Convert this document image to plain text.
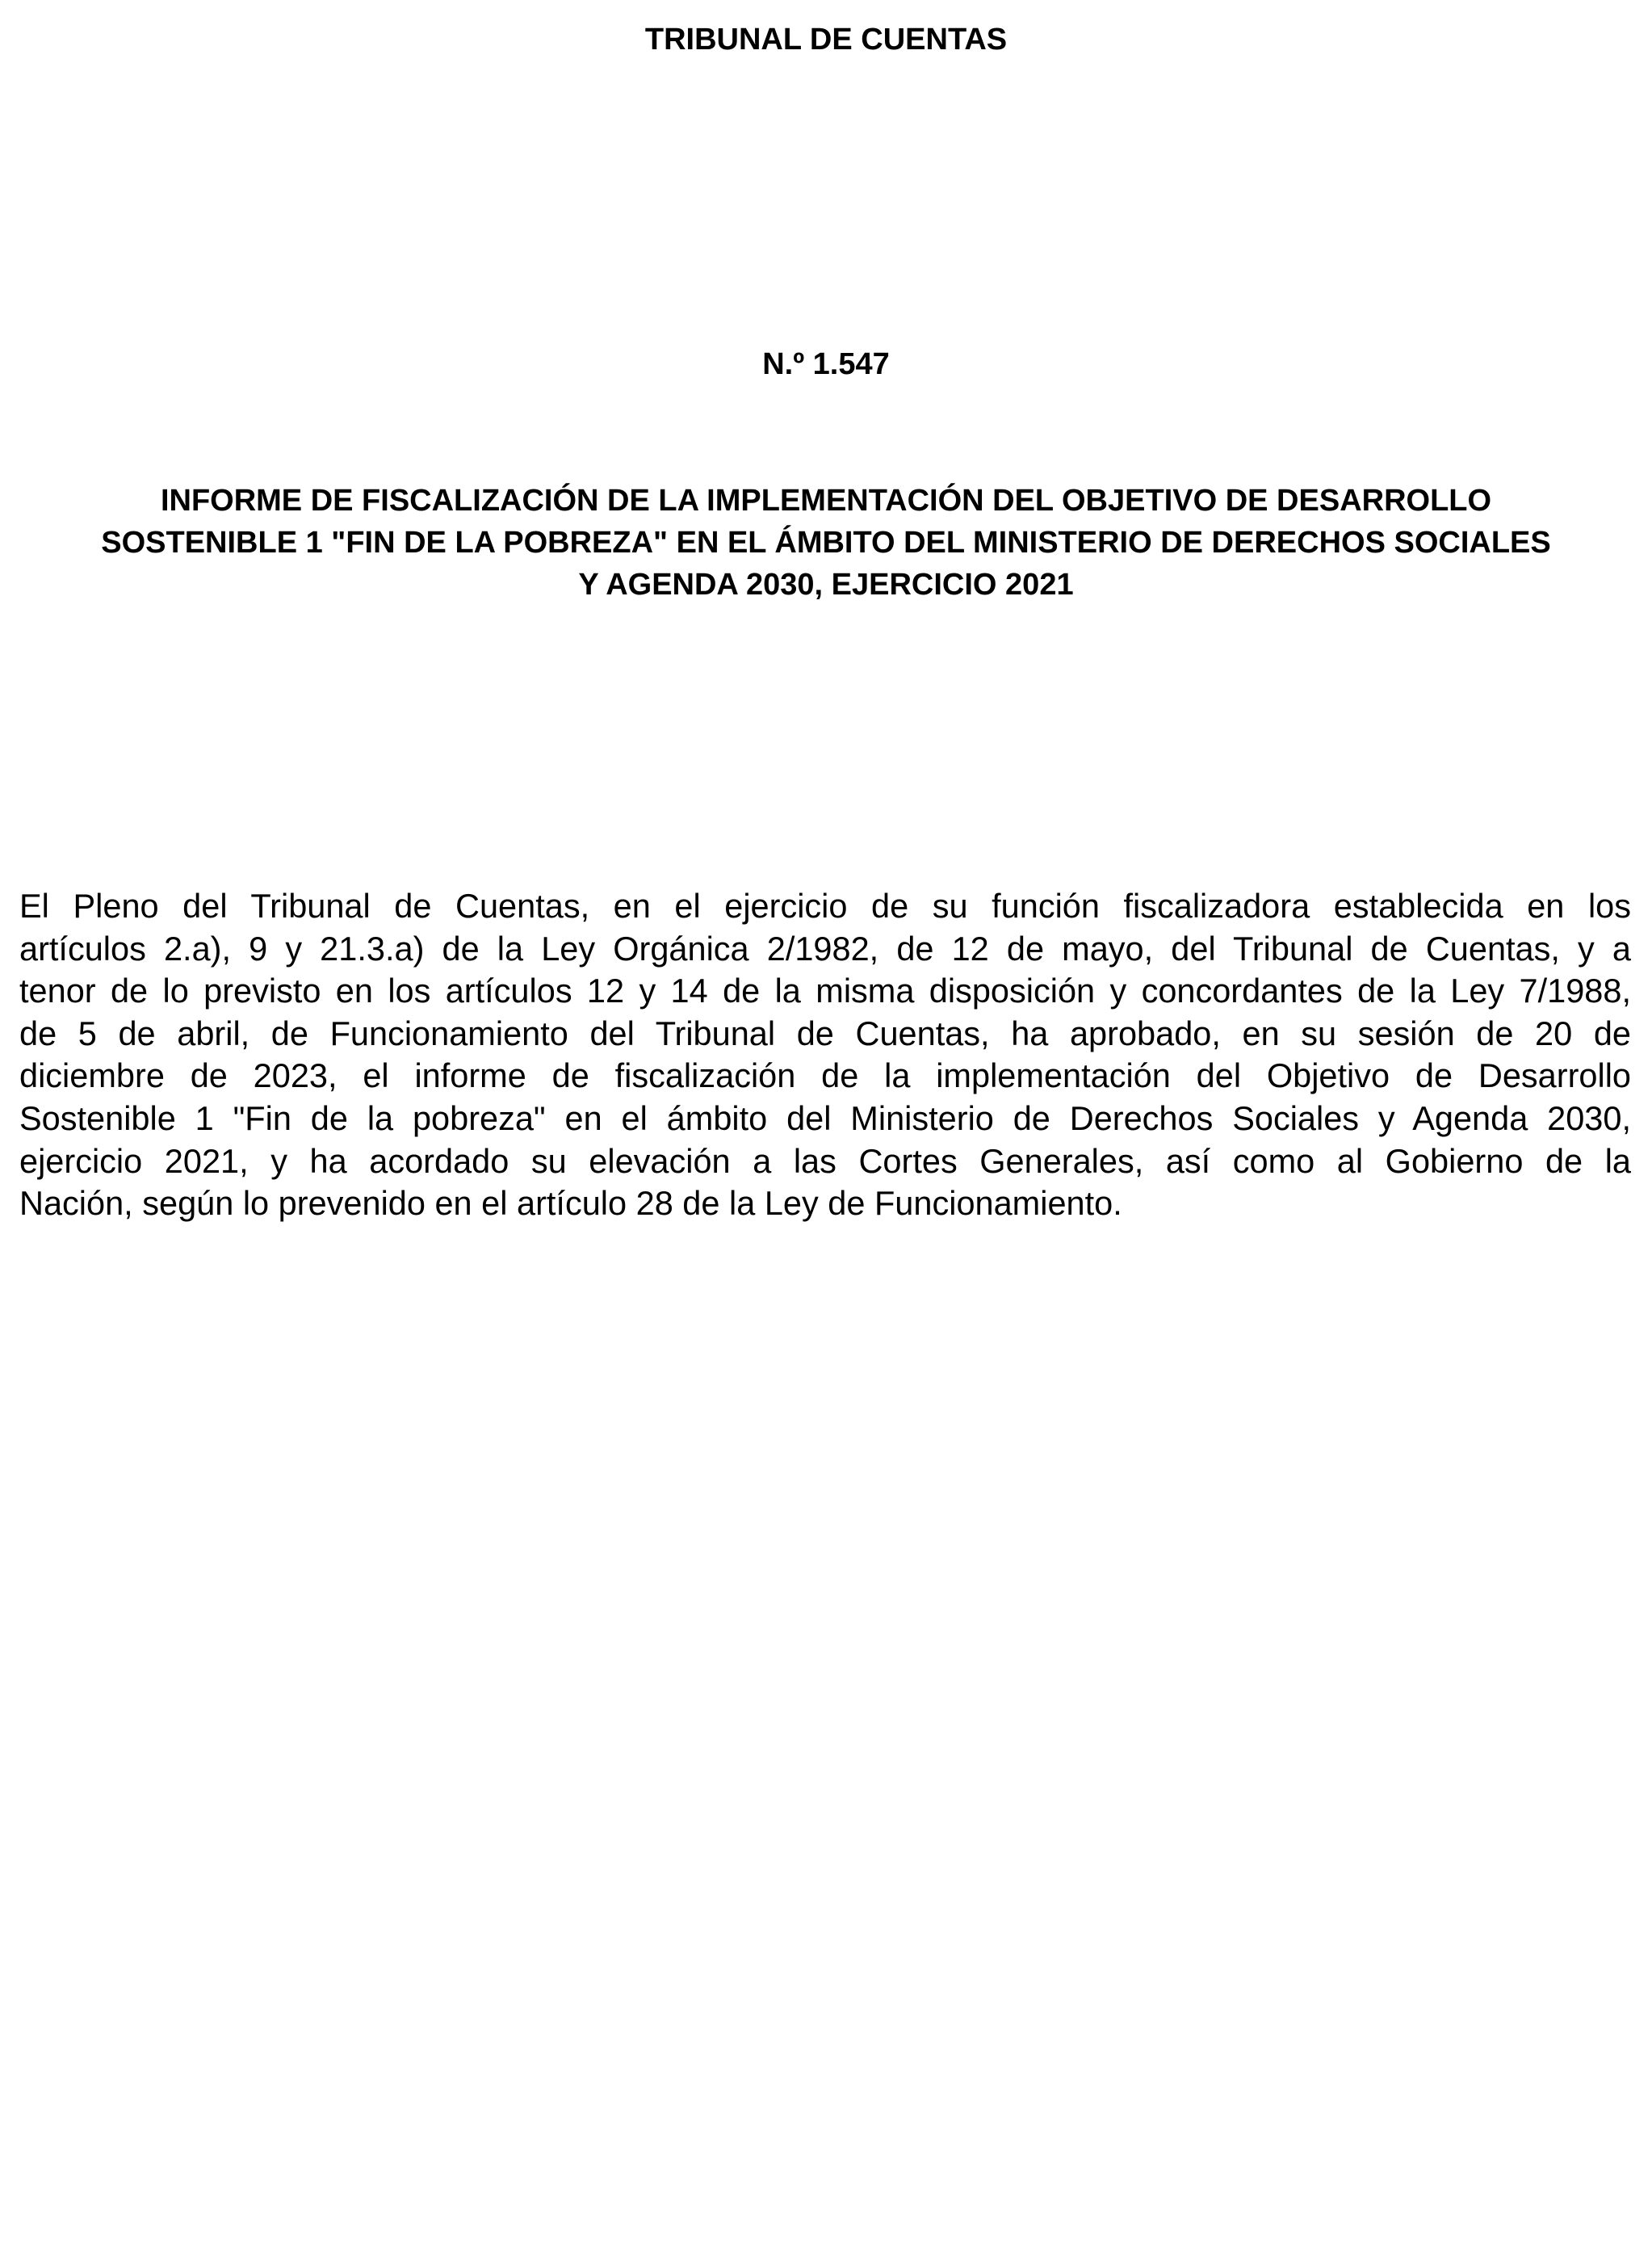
TRIBUNAL DE CUENTAS
N.º 1.547
INFORME DE FISCALIZACIÓN DE LA IMPLEMENTACIÓN DEL OBJETIVO DE DESARROLLO
SOSTENIBLE 1 "FIN DE LA POBREZA" EN EL ÁMBITO DEL MINISTERIO DE DERECHOS SOCIALES
Y AGENDA 2030, EJERCICIO 2021
El Pleno del Tribunal de Cuentas, en el ejercicio de su función fiscalizadora establecida en los
artículos 2.a), 9 y 21.3.a) de la Ley Orgánica 2/1982, de 12 de mayo, del Tribunal de Cuentas, y a
tenor de lo previsto en los artículos 12 y 14 de la misma disposición y concordantes de la Ley 7/1988,
de 5 de abril, de Funcionamiento del Tribunal de Cuentas, ha aprobado, en su sesión de 20 de
diciembre de 2023, el informe de fiscalización de la implementación del Objetivo de Desarrollo
Sostenible 1 "Fin de la pobreza" en el ámbito del Ministerio de Derechos Sociales y Agenda 2030,
ejercicio 2021, y ha acordado su elevación a las Cortes Generales, así como al Gobierno de la
Nación, según lo prevenido en el artículo 28 de la Ley de Funcionamiento.
